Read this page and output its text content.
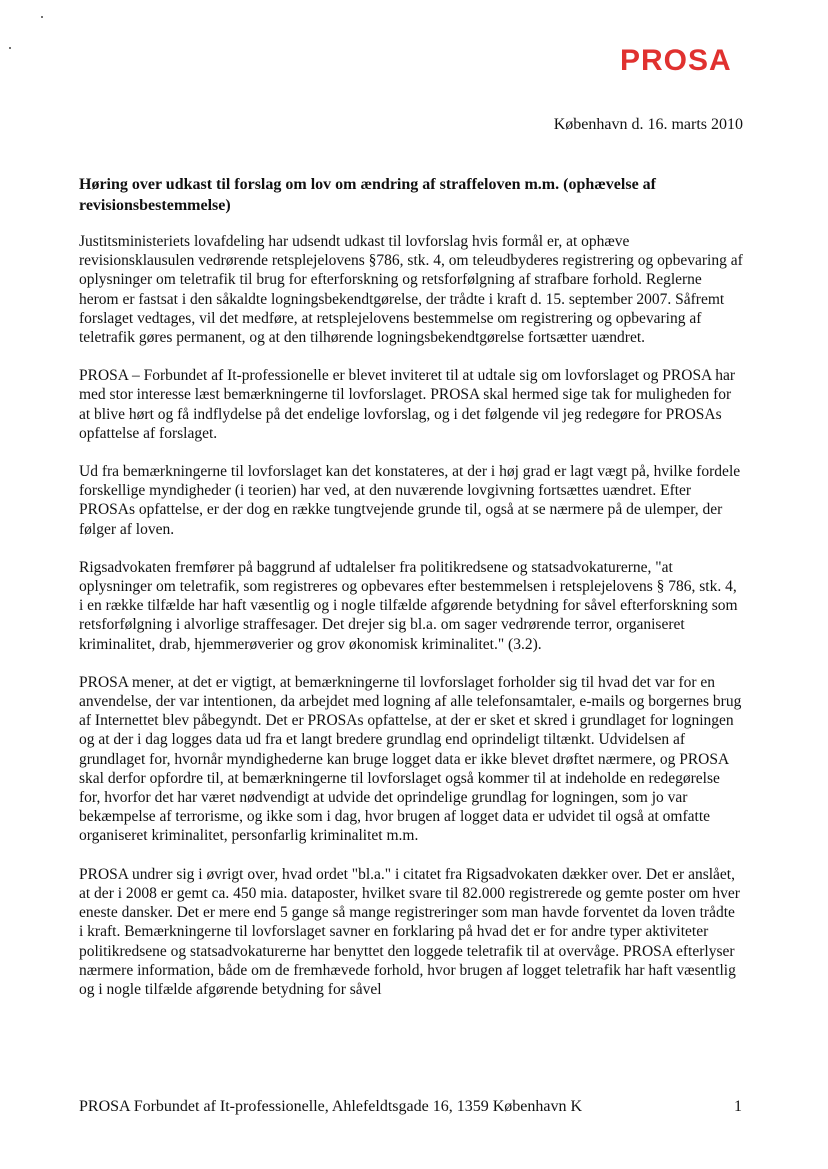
PROSA
København d. 16. marts 2010
Høring over udkast til forslag om lov om ændring af straffeloven m.m. (ophævelse af revisionsbestemmelse)

Justitsministeriets lovafdeling har udsendt udkast til lovforslag hvis formål er, at ophæve revisionsklausulen vedrørende retsplejelovens §786, stk. 4, om teleudbyderes registrering og opbevaring af oplysninger om teletrafik til brug for efterforskning og retsforfølgning af strafbare forhold. Reglerne herom er fastsat i den såkaldte logningsbekendtgørelse, der trådte i kraft d. 15. september 2007. Såfremt forslaget vedtages, vil det medføre, at retsplejelovens bestemmelse om registrering og opbevaring af teletrafik gøres permanent, og at den tilhørende logningsbekendtgørelse fortsætter uændret.

PROSA – Forbundet af It-professionelle er blevet inviteret til at udtale sig om lovforslaget og PROSA har med stor interesse læst bemærkningerne til lovforslaget. PROSA skal hermed sige tak for muligheden for at blive hørt og få indflydelse på det endelige lovforslag, og i det følgende vil jeg redegøre for PROSAs opfattelse af forslaget.

Ud fra bemærkningerne til lovforslaget kan det konstateres, at der i høj grad er lagt vægt på, hvilke fordele forskellige myndigheder (i teorien) har ved, at den nuværende lovgivning fortsættes uændret. Efter PROSAs opfattelse, er der dog en række tungtvejende grunde til, også at se nærmere på de ulemper, der følger af loven.

Rigsadvokaten fremfører på baggrund af udtalelser fra politikredsene og statsadvokaturerne, "at oplysninger om teletrafik, som registreres og opbevares efter bestemmelsen i retsplejelovens § 786, stk. 4, i en række tilfælde har haft væsentlig og i nogle tilfælde afgørende betydning for såvel efterforskning som retsforfølgning i alvorlige straffesager. Det drejer sig bl.a. om sager vedrørende terror, organiseret kriminalitet, drab, hjemmerøverier og grov økonomisk kriminalitet." (3.2).

PROSA mener, at det er vigtigt, at bemærkningerne til lovforslaget forholder sig til hvad det var for en anvendelse, der var intentionen, da arbejdet med logning af alle telefonsamtaler, e-mails og borgernes brug af Internettet blev påbegyndt. Det er PROSAs opfattelse, at der er sket et skred i grundlaget for logningen og at der i dag logges data ud fra et langt bredere grundlag end oprindeligt tiltænkt. Udvidelsen af grundlaget for, hvornår myndighederne kan bruge logget data er ikke blevet drøftet nærmere, og PROSA skal derfor opfordre til, at bemærkningerne til lovforslaget også kommer til at indeholde en redegørelse for, hvorfor det har været nødvendigt at udvide det oprindelige grundlag for logningen, som jo var bekæmpelse af terrorisme, og ikke som i dag, hvor brugen af logget data er udvidet til også at omfatte organiseret kriminalitet, personfarlig kriminalitet m.m.

PROSA undrer sig i øvrigt over, hvad ordet "bl.a." i citatet fra Rigsadvokaten dækker over. Det er anslået, at der i 2008 er gemt ca. 450 mia. dataposter, hvilket svare til 82.000 registrerede og gemte poster om hver eneste dansker. Det er mere end 5 gange så mange registreringer som man havde forventet da loven trådte i kraft. Bemærkningerne til lovforslaget savner en forklaring på hvad det er for andre typer aktiviteter politikredsene og statsadvokaturerne har benyttet den loggede teletrafik til at overvåge. PROSA efterlyser nærmere information, både om de fremhævede forhold, hvor brugen af logget teletrafik har haft væsentlig og i nogle tilfælde afgørende betydning for såvel

PROSA Forbundet af It-professionelle, Ahlefeldtsgade 16, 1359 København K	1
